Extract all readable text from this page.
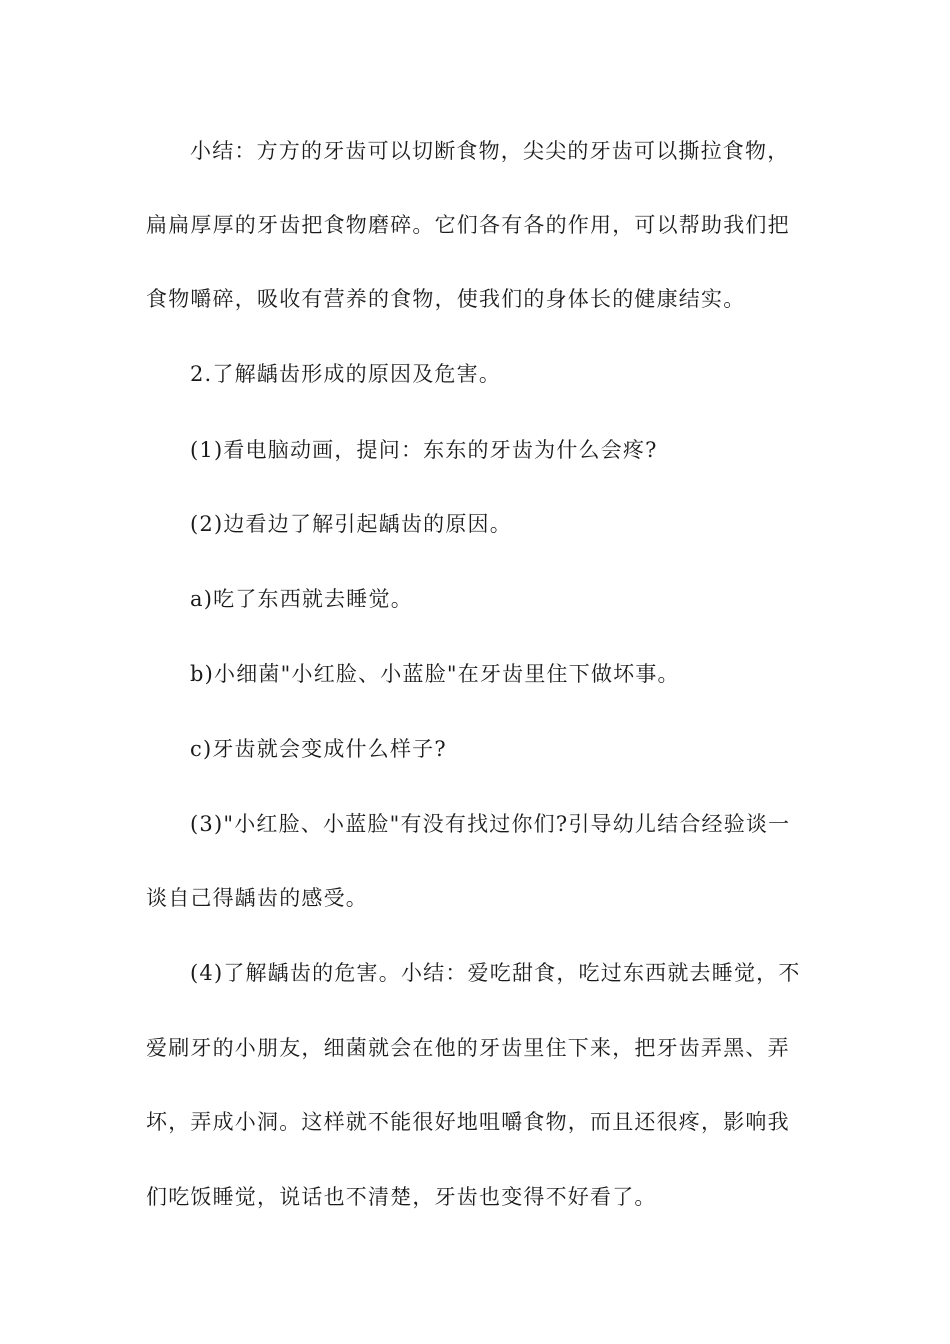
小结：方方的牙齿可以切断食物，尖尖的牙齿可以撕拉食物，
扁扁厚厚的牙齿把食物磨碎。它们各有各的作用，可以帮助我们把
食物嚼碎，吸收有营养的食物，使我们的身体长的健康结实。
2.了解龋齿形成的原因及危害。
(1)看电脑动画，提问：东东的牙齿为什么会疼?
(2)边看边了解引起龋齿的原因。
a)吃了东西就去睡觉。
b)小细菌"小红脸、小蓝脸"在牙齿里住下做坏事。
c)牙齿就会变成什么样子?
(3)"小红脸、小蓝脸"有没有找过你们?引导幼儿结合经验谈一
谈自己得龋齿的感受。
(4)了解龋齿的危害。小结：爱吃甜食，吃过东西就去睡觉，不
爱刷牙的小朋友，细菌就会在他的牙齿里住下来，把牙齿弄黑、弄
坏，弄成小洞。这样就不能很好地咀嚼食物，而且还很疼，影响我
们吃饭睡觉，说话也不清楚，牙齿也变得不好看了。
